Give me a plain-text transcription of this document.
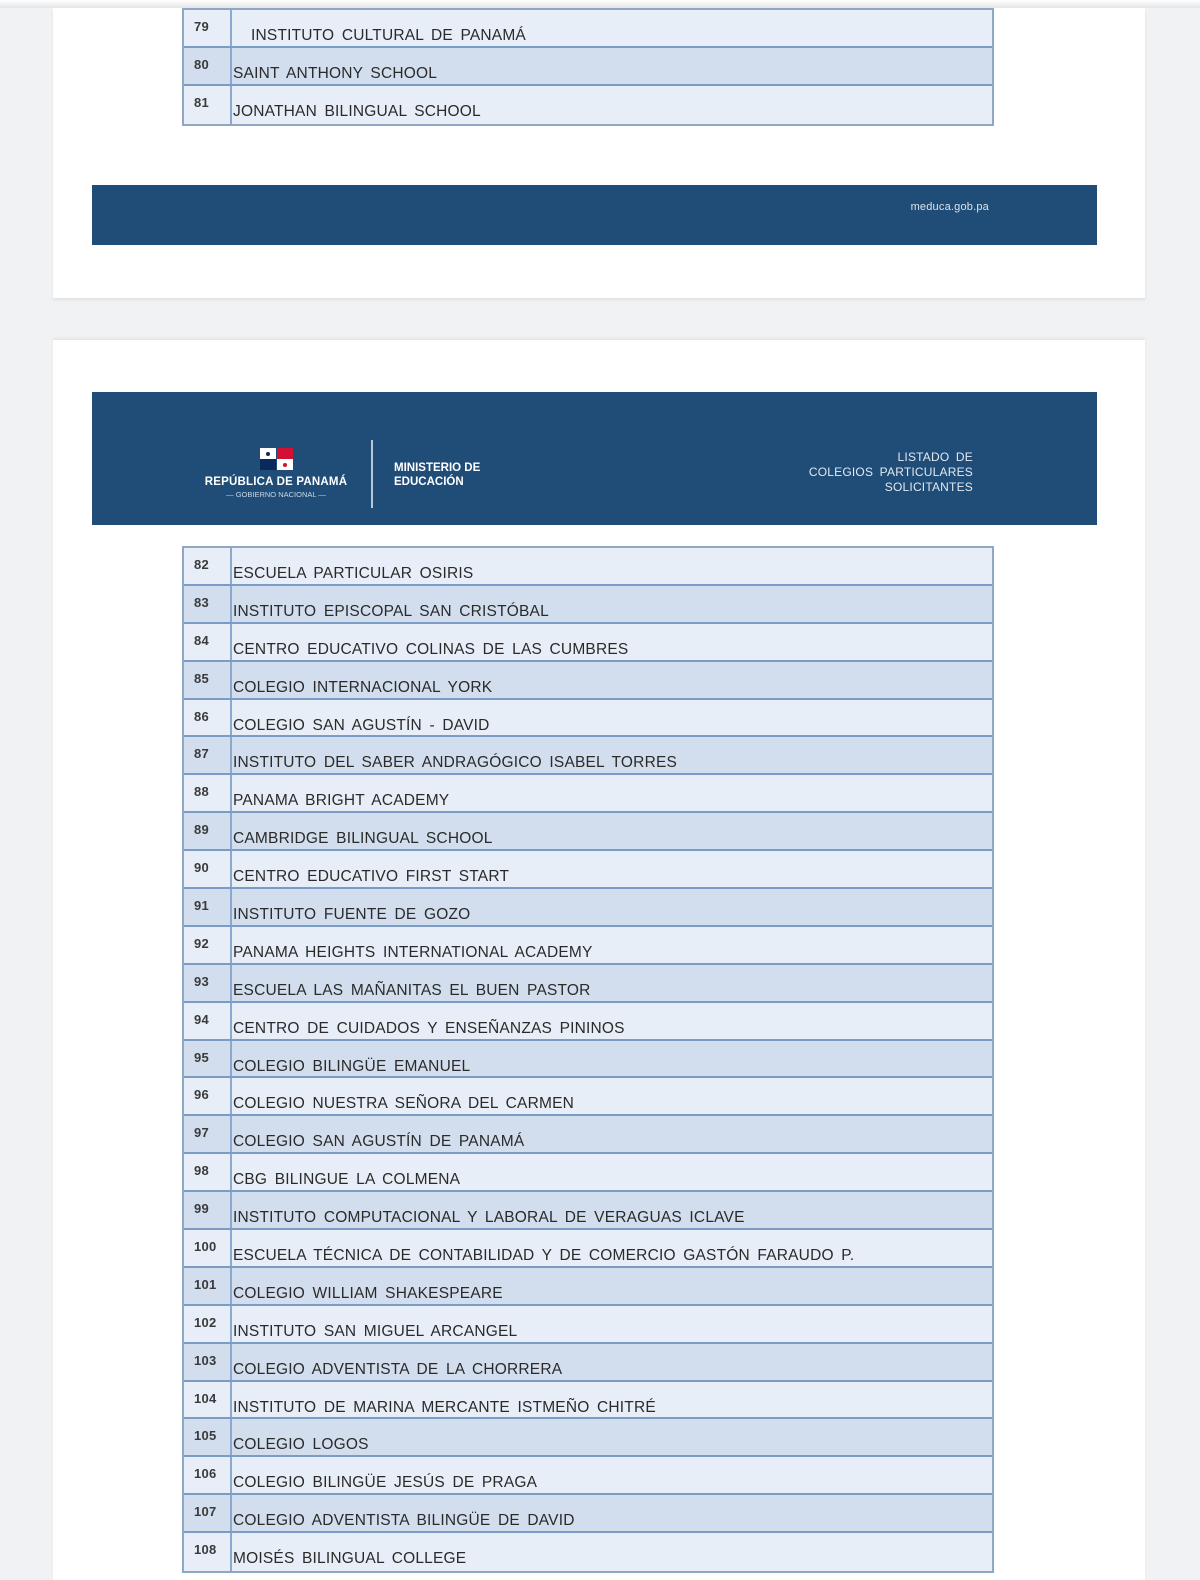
79
INSTITUTO CULTURAL DE PANAMÁ
80
SAINT ANTHONY SCHOOL
81
JONATHAN BILINGUAL SCHOOL
meduca.gob.pa
REPÚBLICA DE PANAMÁ
— GOBIERNO NACIONAL —
MINISTERIO DE
EDUCACIÓN
LISTADO DE
COLEGIOS PARTICULARES
SOLICITANTES
82
ESCUELA PARTICULAR OSIRIS
83
INSTITUTO EPISCOPAL SAN CRISTÓBAL
84
CENTRO EDUCATIVO COLINAS DE LAS CUMBRES
85
COLEGIO INTERNACIONAL YORK
86
COLEGIO SAN AGUSTÍN - DAVID
87
INSTITUTO DEL SABER ANDRAGÓGICO ISABEL TORRES
88
PANAMA BRIGHT ACADEMY
89
CAMBRIDGE BILINGUAL SCHOOL
90
CENTRO EDUCATIVO FIRST START
91
INSTITUTO FUENTE DE GOZO
92
PANAMA HEIGHTS INTERNATIONAL ACADEMY
93
ESCUELA LAS MAÑANITAS EL BUEN PASTOR
94
CENTRO DE CUIDADOS Y ENSEÑANZAS PININOS
95
COLEGIO BILINGÜE EMANUEL
96
COLEGIO NUESTRA SEÑORA DEL CARMEN
97
COLEGIO SAN AGUSTÍN DE PANAMÁ
98
CBG BILINGUE LA COLMENA
99
INSTITUTO COMPUTACIONAL Y LABORAL DE VERAGUAS ICLAVE
100
ESCUELA TÉCNICA DE CONTABILIDAD Y DE COMERCIO GASTÓN FARAUDO P.
101
COLEGIO WILLIAM SHAKESPEARE
102
INSTITUTO SAN MIGUEL ARCANGEL
103
COLEGIO ADVENTISTA DE LA CHORRERA
104
INSTITUTO DE MARINA MERCANTE ISTMEÑO CHITRÉ
105
COLEGIO LOGOS
106
COLEGIO BILINGÜE JESÚS DE PRAGA
107
COLEGIO ADVENTISTA BILINGÜE DE DAVID
108
MOISÉS BILINGUAL COLLEGE
